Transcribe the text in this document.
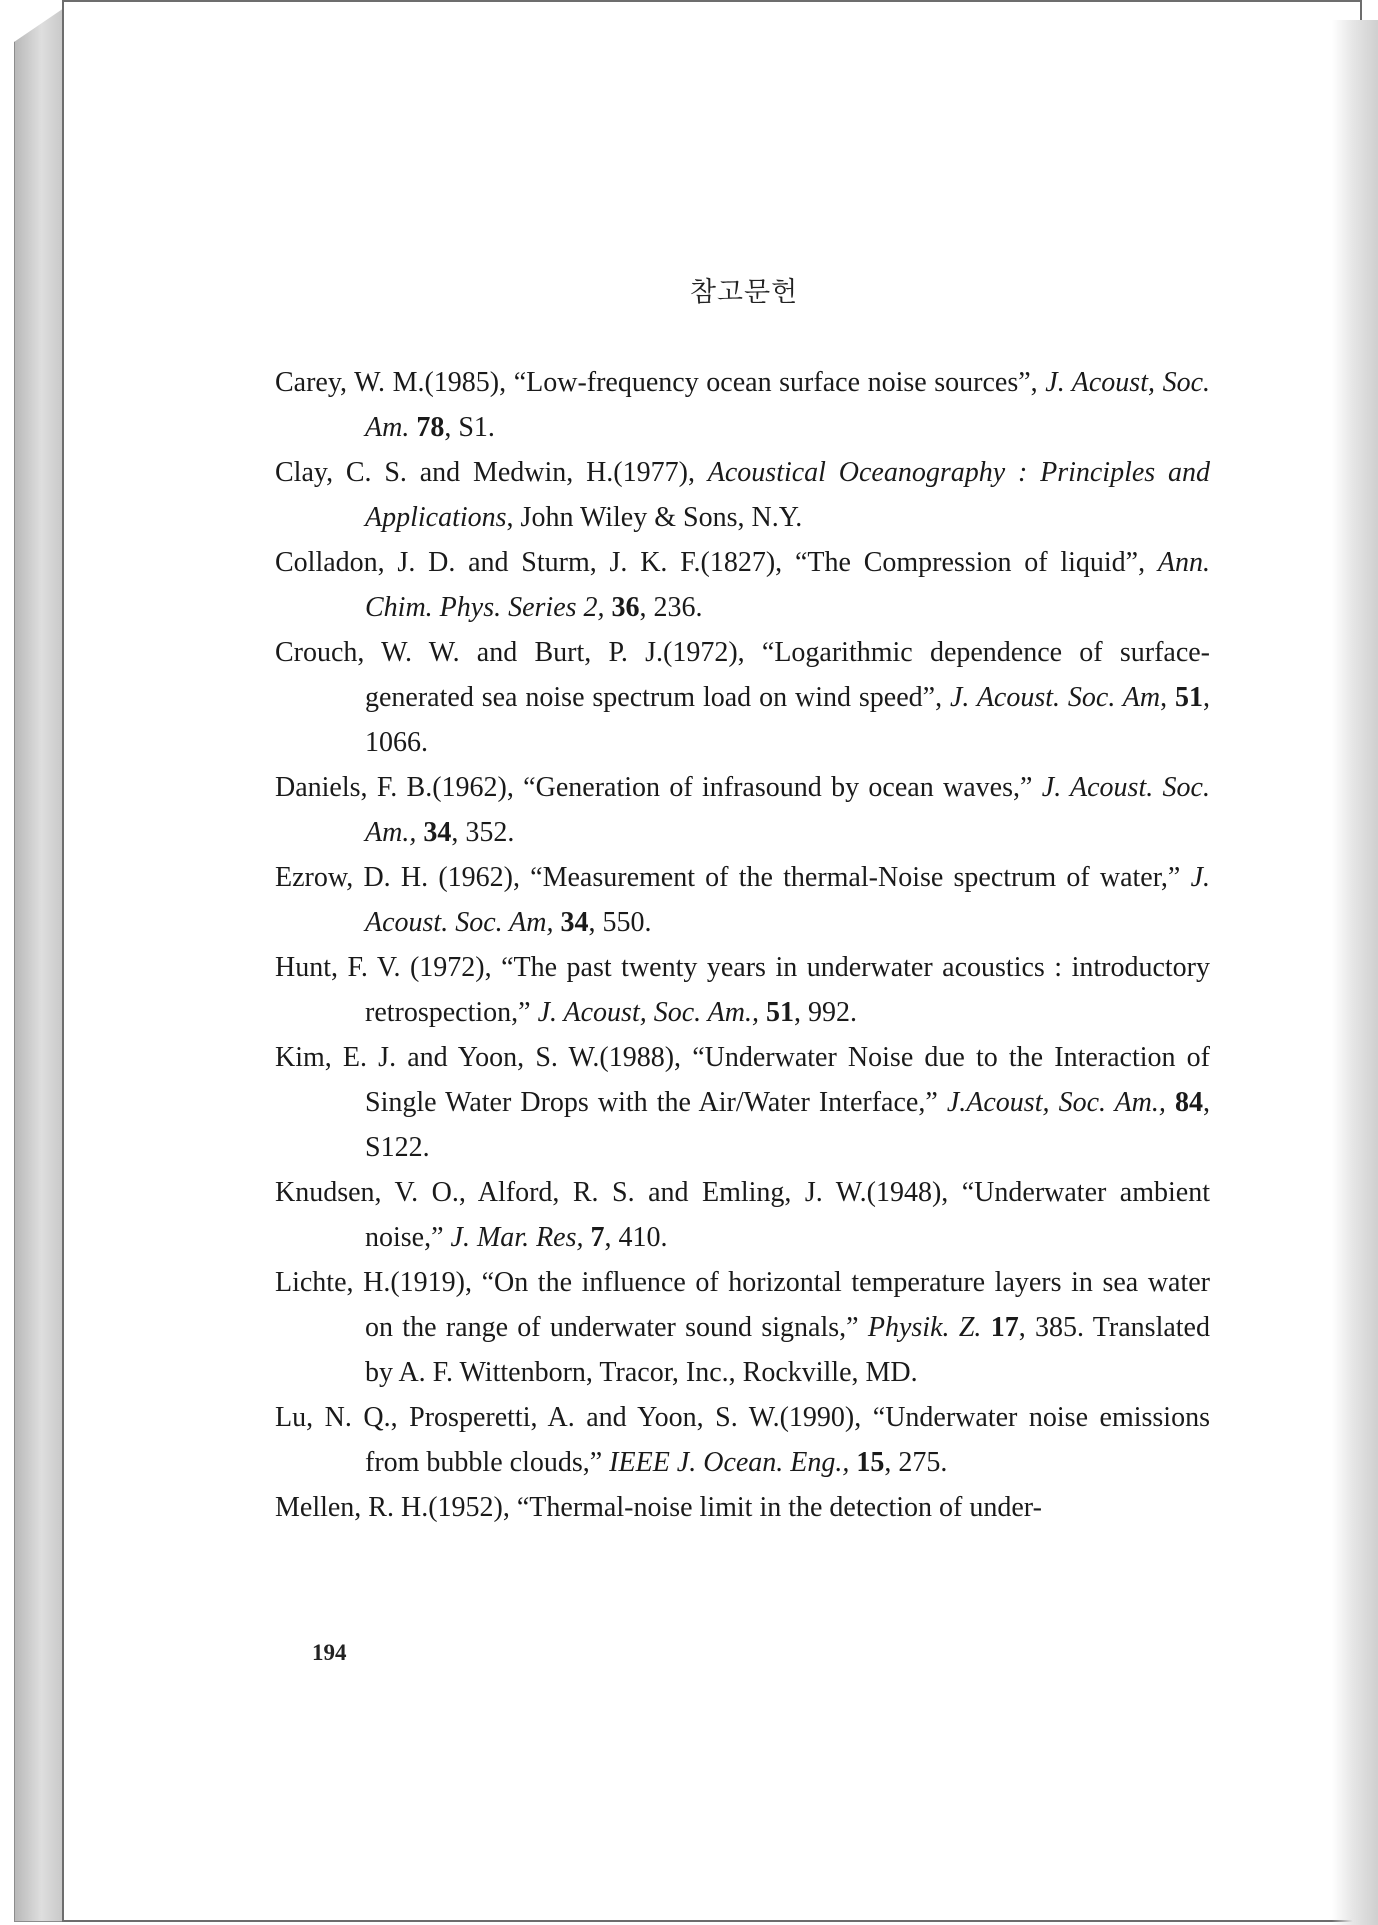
참고문헌

Carey, W. M.(1985), “Low-frequency ocean surface noise sources”, J. Acoust, Soc. Am. 78, S1.

Clay, C. S. and Medwin, H.(1977), Acoustical Oceanography : Principles and Applications, John Wiley & Sons, N.Y.

Colladon, J. D. and Sturm, J. K. F.(1827), “The Compression of liquid”, Ann. Chim. Phys. Series 2, 36, 236.

Crouch, W. W. and Burt, P. J.(1972), “Logarithmic dependence of surface-generated sea noise spectrum load on wind speed”, J. Acoust. Soc. Am, 51, 1066.

Daniels, F. B.(1962), “Generation of infrasound by ocean waves,” J. Acoust. Soc. Am., 34, 352.

Ezrow, D. H. (1962), “Measurement of the thermal-Noise spectrum of water,” J. Acoust. Soc. Am, 34, 550.

Hunt, F. V. (1972), “The past twenty years in underwater acoustics : introductory retrospection,” J. Acoust, Soc. Am., 51, 992.

Kim, E. J. and Yoon, S. W.(1988), “Underwater Noise due to the Interaction of Single Water Drops with the Air/Water Interface,” J.Acoust, Soc. Am., 84, S122.

Knudsen, V. O., Alford, R. S. and Emling, J. W.(1948), “Underwater ambient noise,” J. Mar. Res, 7, 410.

Lichte, H.(1919), “On the influence of horizontal temperature layers in sea water on the range of underwater sound signals,” Physik. Z. 17, 385. Translated by A. F. Wittenborn, Tracor, Inc., Rockville, MD.

Lu, N. Q., Prosperetti, A. and Yoon, S. W.(1990), “Underwater noise emissions from bubble clouds,” IEEE J. Ocean. Eng., 15, 275.

Mellen, R. H.(1952), “Thermal-noise limit in the detection of under-

194
